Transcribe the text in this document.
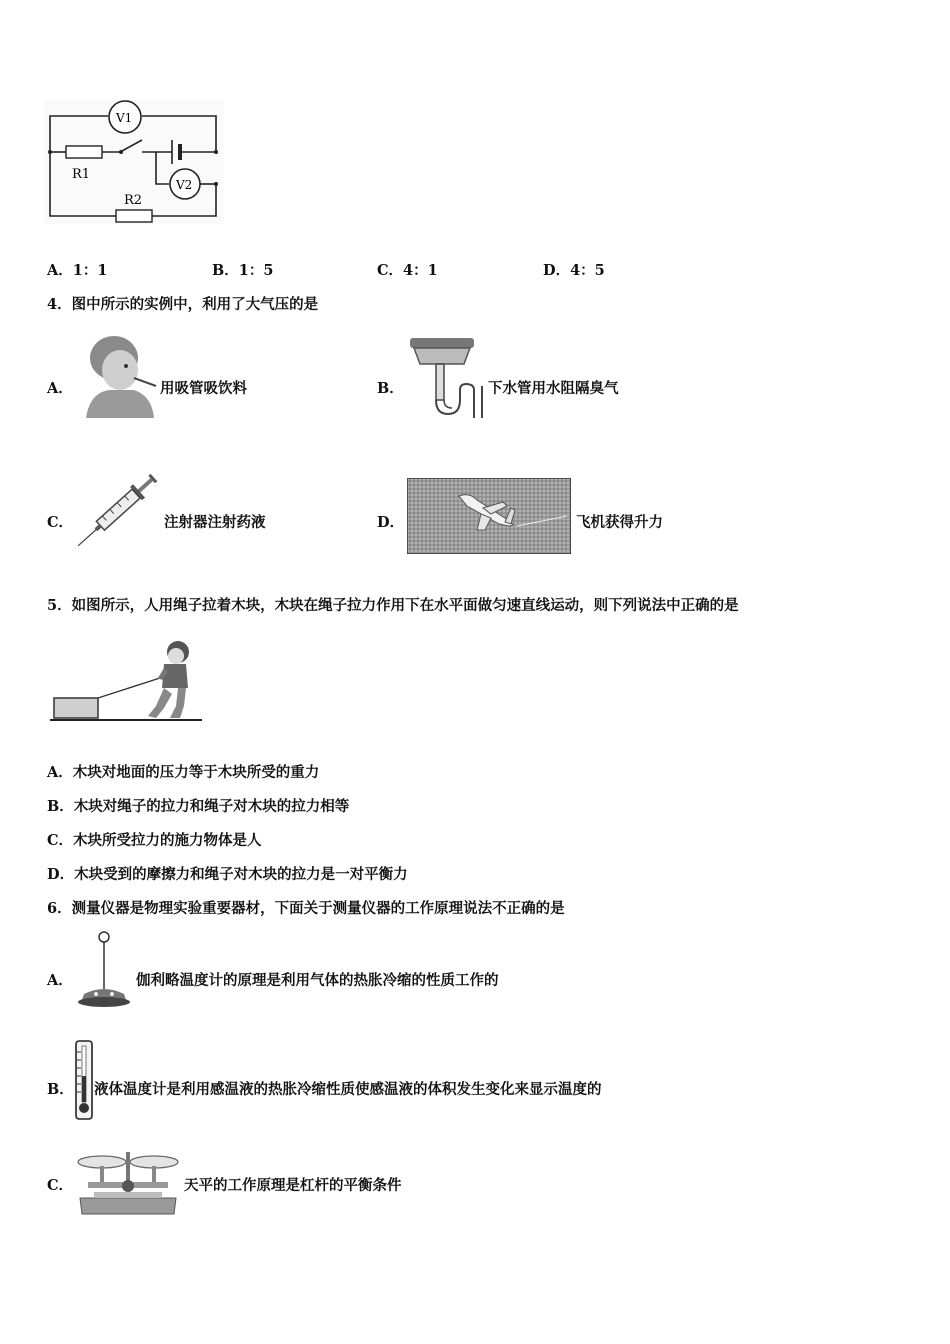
V1
V2
R1
R2
A．1：1	B．1：5	C．4：1	D．4：5
4．图中所示的实例中，利用了大气压的是
A．	用吸管吸饮料	B．	下水管用水阻隔臭气
C．	注射器注射药液	D．	飞机获得升力
5．如图所示，人用绳子拉着木块，木块在绳子拉力作用下在水平面做匀速直线运动，则下列说法中正确的是
A．木块对地面的压力等于木块所受的重力
B．木块对绳子的拉力和绳子对木块的拉力相等
C．木块所受拉力的施力物体是人
D．木块受到的摩擦力和绳子对木块的拉力是一对平衡力
6．测量仪器是物理实验重要器材，下面关于测量仪器的工作原理说法不正确的是
A．	伽利略温度计的原理是利用气体的热胀冷缩的性质工作的
B． 液体温度计是利用感温液的热胀冷缩性质使感温液的体积发生变化来显示温度的
C．	天平的工作原理是杠杆的平衡条件
